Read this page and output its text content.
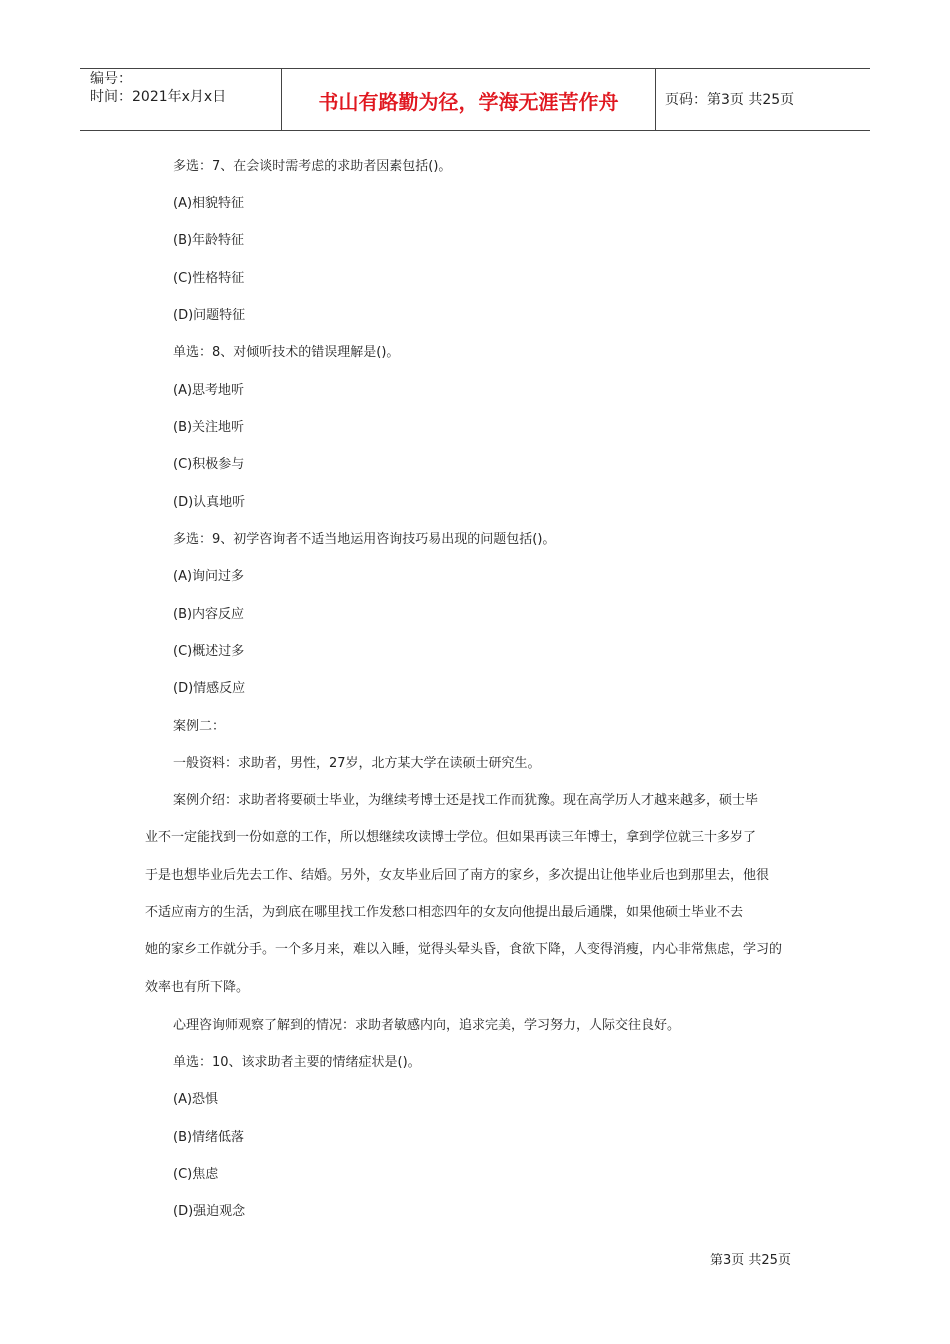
编号：
时间：2021年x月x日	书山有路勤为径，学海无涯苦作舟	页码：第3页 共25页
多选：7、在会谈时需考虑的求助者因素包括()。
(A)相貌特征
(B)年龄特征
(C)性格特征
(D)问题特征
单选：8、对倾听技术的错误理解是()。
(A)思考地听
(B)关注地听
(C)积极参与
(D)认真地听
多选：9、初学咨询者不适当地运用咨询技巧易出现的问题包括()。
(A)询问过多
(B)内容反应
(C)概述过多
(D)情感反应
案例二：
一般资料：求助者，男性，27岁，北方某大学在读硕士研究生。
案例介绍：求助者将要硕士毕业，为继续考博士还是找工作而犹豫。现在高学历人才越来越多，硕士毕
业不一定能找到一份如意的工作，所以想继续攻读博士学位。但如果再读三年博士，拿到学位就三十多岁了
于是也想毕业后先去工作、结婚。另外，女友毕业后回了南方的家乡，多次提出让他毕业后也到那里去，他很
不适应南方的生活，为到底在哪里找工作发愁口相恋四年的女友向他提出最后通牒，如果他硕士毕业不去
她的家乡工作就分手。一个多月来，难以入睡，觉得头晕头昏，食欲下降，人变得消瘦，内心非常焦虑，学习的
效率也有所下降。
心理咨询师观察了解到的情况：求助者敏感内向，追求完美，学习努力，人际交往良好。
单选：10、该求助者主要的情绪症状是()。
(A)恐惧
(B)情绪低落
(C)焦虑
(D)强迫观念
第3页 共25页
